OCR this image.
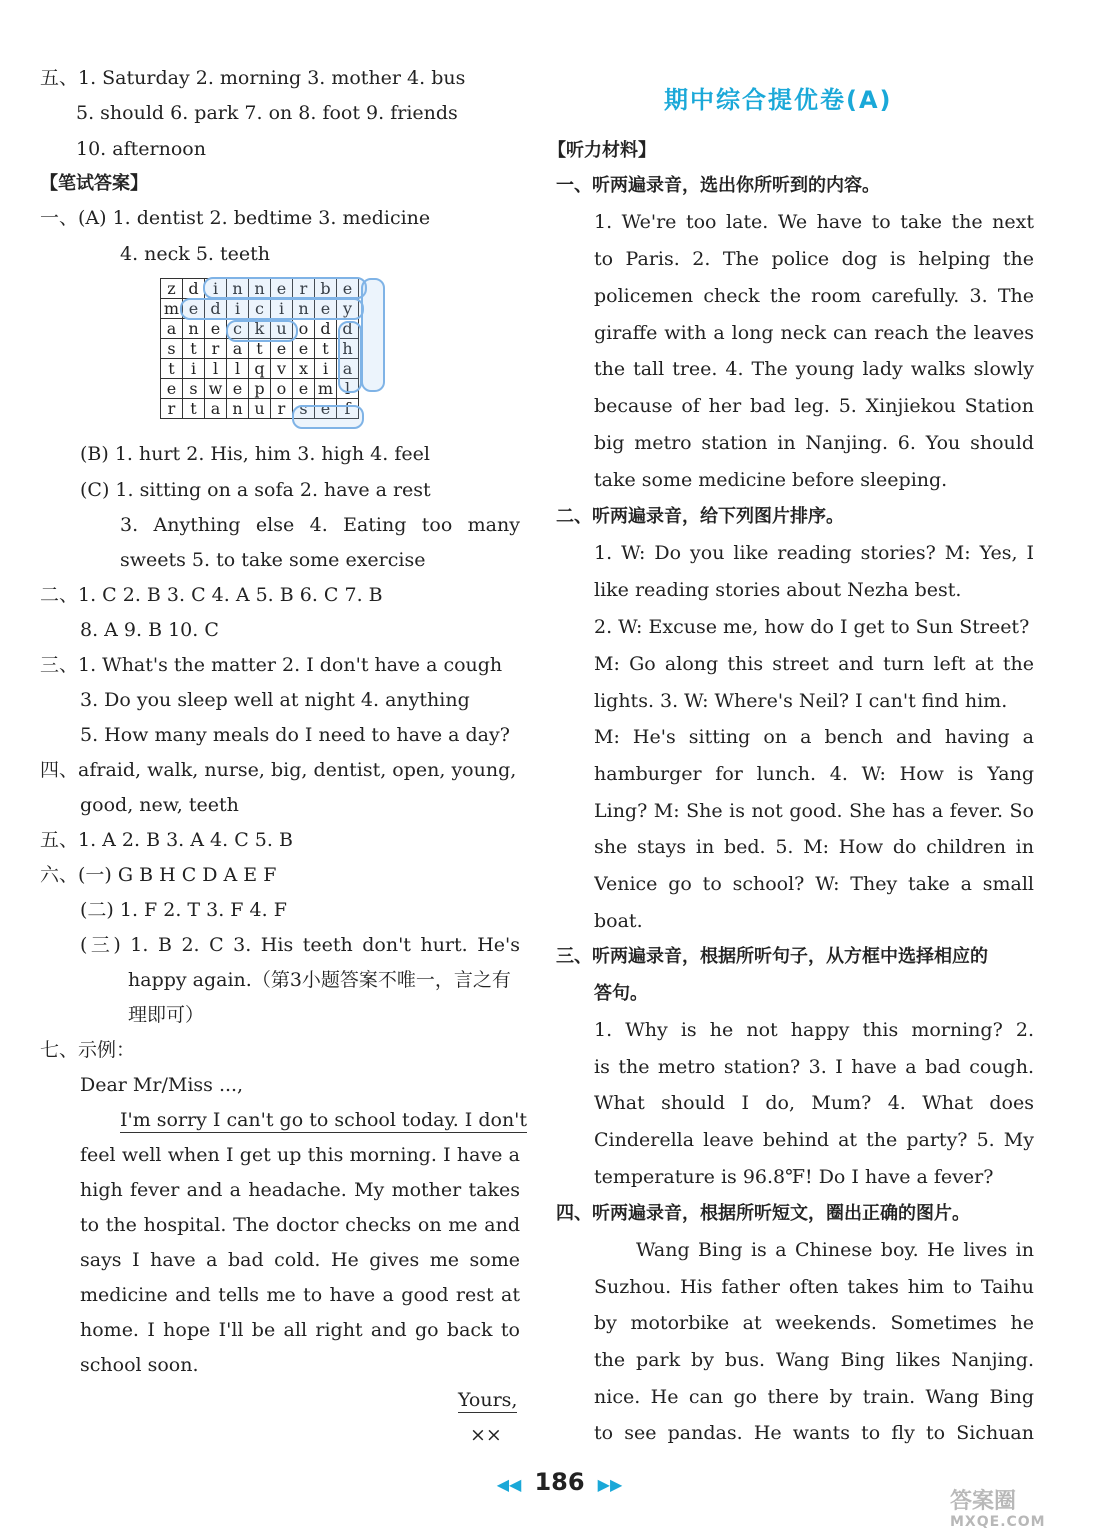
五、1. Saturday 2. morning 3. mother 4. bus
5. should 6. park 7. on 8. foot 9. friends
10. afternoon
【笔试答案】
一、(A) 1. dentist 2. bedtime 3. medicine
4. neck 5. teeth
z	d	i	n	n	e	r	b	e
m	e	d	i	c	i	n	e	y
a	n	e	c	k	u	o	d	d
s	t	r	a	t	e	e	t	h
t	i	l	l	q	v	x	i	a
e	s	w	e	p	o	e	m	l
r	t	a	n	u	r	s	e	f
(B) 1. hurt 2. His, him 3. high 4. feel
(C) 1. sitting on a sofa 2. have a rest
3. Anything else 4. Eating too many
sweets 5. to take some exercise
二、1. C 2. B 3. C 4. A 5. B 6. C 7. B
8. A 9. B 10. C
三、1. What's the matter 2. I don't have a cough
3. Do you sleep well at night 4. anything
5. How many meals do I need to have a day?
四、afraid, walk, nurse, big, dentist, open, young,
good, new, teeth
五、1. A 2. B 3. A 4. C 5. B
六、(一) G B H C D A E F
(二) 1. F 2. T 3. F 4. F
(三) 1. B 2. C 3. His teeth don't hurt. He's
happy again.（第3小题答案不唯一，言之有
理即可）
七、示例：
Dear Mr/Miss ...,
I'm sorry I can't go to school today. I don't
feel well when I get up this morning. I have a
high fever and a headache. My mother takes
to the hospital. The doctor checks on me and
says I have a bad cold. He gives me some
medicine and tells me to have a good rest at
home. I hope I'll be all right and go back to
school soon.
Yours,
××
期中综合提优卷(A)
【听力材料】
一、听两遍录音，选出你所听到的内容。
1. We're too late. We have to take the next
to Paris. 2. The police dog is helping the
policemen check the room carefully. 3. The
giraffe with a long neck can reach the leaves
the tall tree. 4. The young lady walks slowly
because of her bad leg. 5. Xinjiekou Station
big metro station in Nanjing. 6. You should
take some medicine before sleeping.
二、听两遍录音，给下列图片排序。
1. W: Do you like reading stories? M: Yes, I
like reading stories about Nezha best.
2. W: Excuse me, how do I get to Sun Street?
M: Go along this street and turn left at the
lights. 3. W: Where's Neil? I can't find him.
M: He's sitting on a bench and having a
hamburger for lunch. 4. W: How is Yang
Ling? M: She is not good. She has a fever. So
she stays in bed. 5. M: How do children in
Venice go to school? W: They take a small
boat.
三、听两遍录音，根据所听句子，从方框中选择相应的
答句。
1. Why is he not happy this morning? 2.
is the metro station? 3. I have a bad cough.
What should I do, Mum? 4. What does
Cinderella leave behind at the party? 5. My
temperature is 96.8℉! Do I have a fever?
四、听两遍录音，根据所听短文，圈出正确的图片。
Wang Bing is a Chinese boy. He lives in
Suzhou. His father often takes him to Taihu
by motorbike at weekends. Sometimes he
the park by bus. Wang Bing likes Nanjing.
nice. He can go there by train. Wang Bing
to see pandas. He wants to fly to Sichuan
◀◀ 186 ▶▶
答案圈
MXQE.COM
